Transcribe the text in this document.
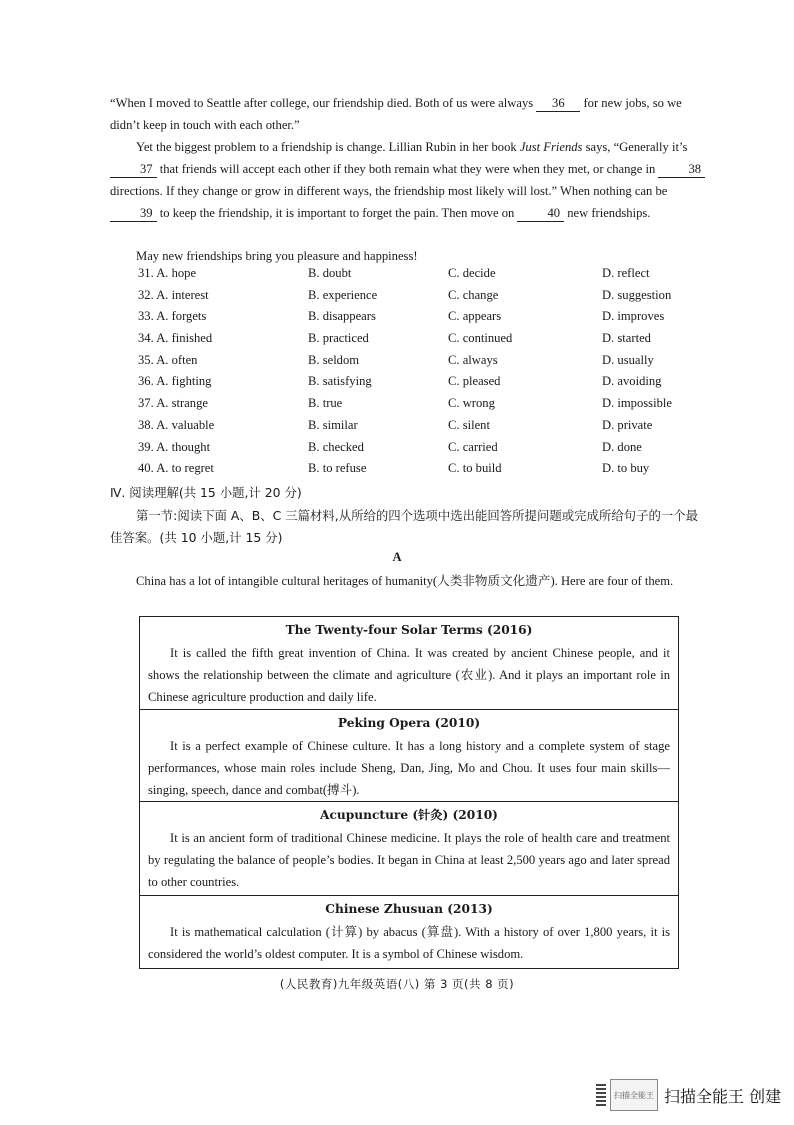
“When I moved to Seattle after college, our friendship died. Both of us were always 36 for new jobs, so we didn’t keep in touch with each other.”

Yet the biggest problem to a friendship is change. Lillian Rubin in her book Just Friends says, “Generally it’s 37 that friends will accept each other if they both remain what they were when they met, or change in	38 directions. If they change or grow in different ways, the friendship most likely will lost.” When nothing can be 39 to keep the friendship, it is important to forget the pain. Then move on	40 new friendships.

May new friendships bring you pleasure and happiness!

31. A. hope	B. doubt	C. decide	D. reflect
32. A. interest	B. experience	C. change	D. suggestion
33. A. forgets	B. disappears	C. appears	D. improves
34. A. finished	B. practiced	C. continued	D. started
35. A. often	B. seldom	C. always	D. usually
36. A. fighting	B. satisfying	C. pleased	D. avoiding
37. A. strange	B. true	C. wrong	D. impossible
38. A. valuable	B. similar	C. silent	D. private
39. A. thought	B. checked	C. carried	D. done
40. A. to regret	B. to refuse	C. to build	D. to buy
Ⅳ. 阅读理解(共 15 小题,计 20 分)
第一节:阅读下面 A、B、C 三篇材料,从所给的四个选项中选出能回答所提问题或完成所给句子的一个最佳答案。(共 10 小题,计 15 分)
A
China has a lot of intangible cultural heritages of humanity(人类非物质文化遗产). Here are four of them.
The Twenty-four Solar Terms (2016)
It is called the fifth great invention of China. It was created by ancient Chinese people, and it shows the relationship between the climate and agriculture (农业). And it plays an important role in Chinese agriculture production and daily life.
Peking Opera (2010)
It is a perfect example of Chinese culture. It has a long history and a complete system of stage performances, whose main roles include Sheng, Dan, Jing, Mo and Chou. It uses four main skills—singing, speech, dance and combat(搏斗).
Acupuncture (针灸) (2010)
It is an ancient form of traditional Chinese medicine. It plays the role of health care and treatment by regulating the balance of people’s bodies. It began in China at least 2,500 years ago and later spread to other countries.
Chinese Zhusuan (2013)
It is mathematical calculation (计算) by abacus (算盘). With a history of over 1,800 years, it is considered the world’s oldest computer. It is a symbol of Chinese wisdom.
(人民教育)九年级英语(八) 第 3 页(共 8 页)
扫描全能王 扫描全能王 创建
